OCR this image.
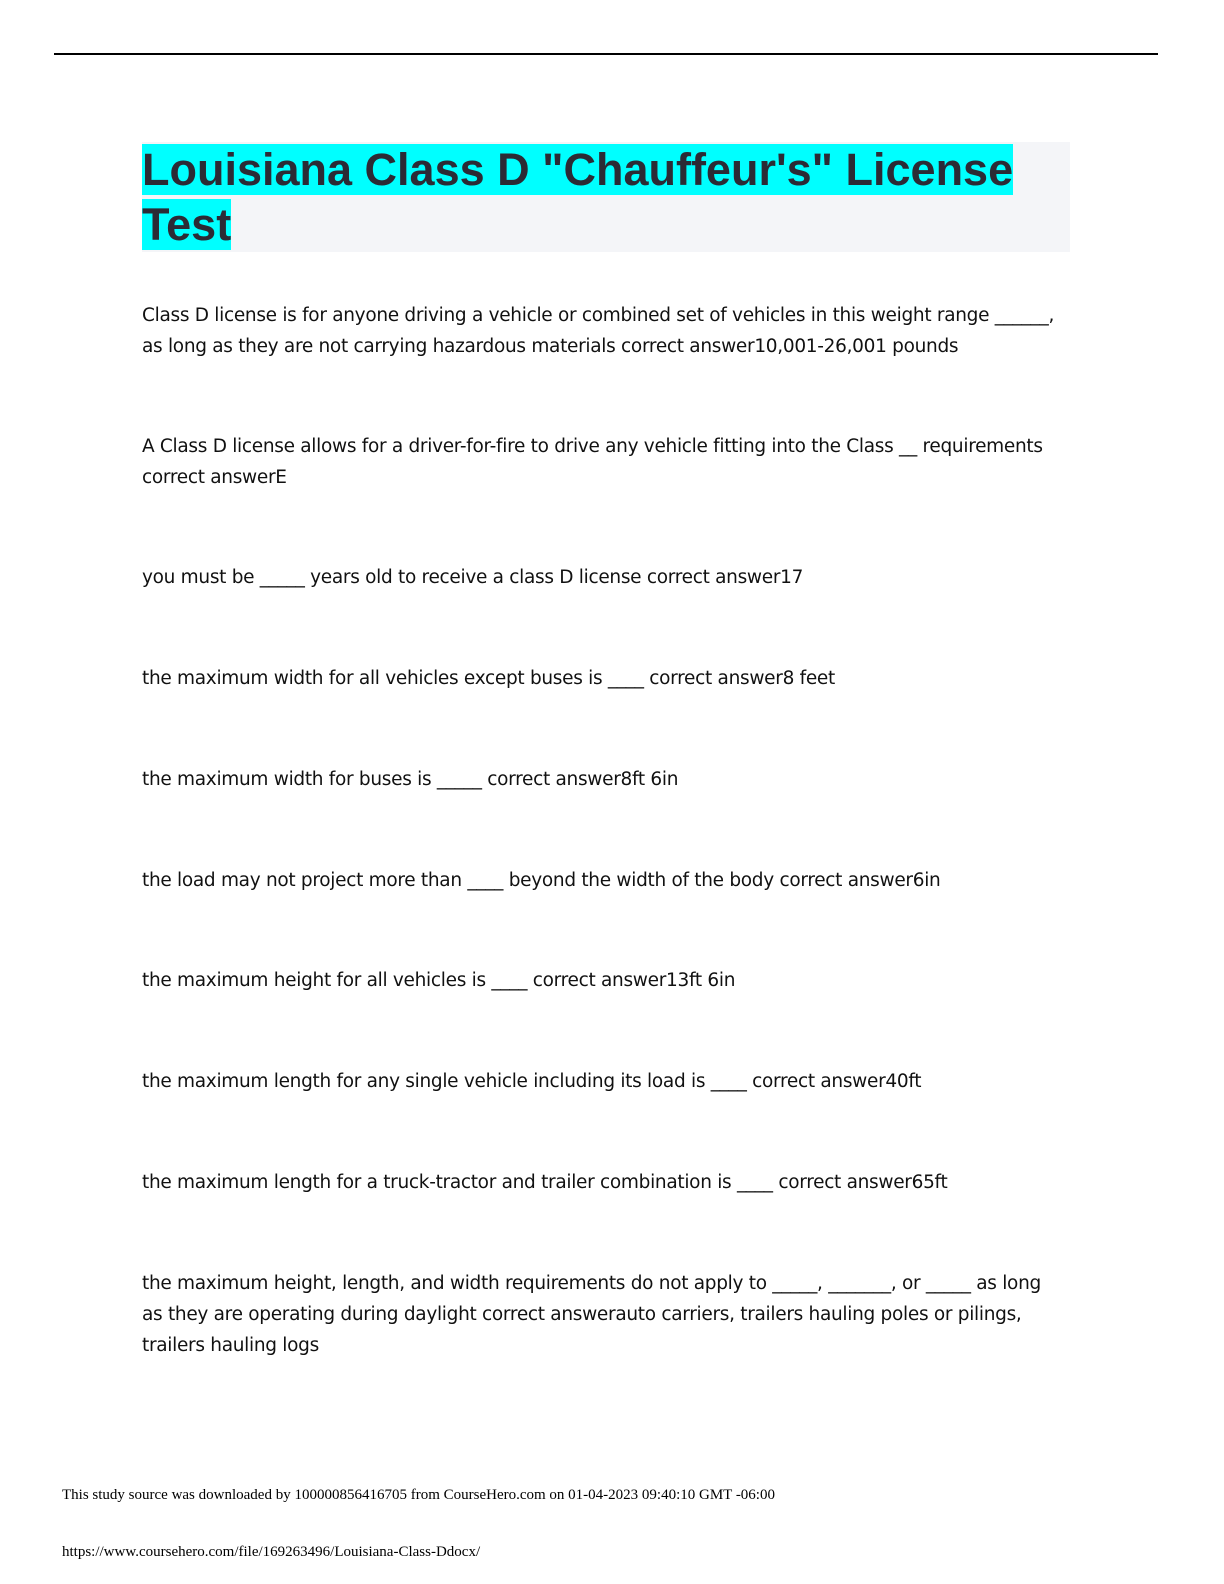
Louisiana Class D "Chauffeur's" License
Test

Class D license is for anyone driving a vehicle or combined set of vehicles in this weight range ______, as long as they are not carrying hazardous materials correct answer10,001-26,001 pounds

A Class D license allows for a driver-for-fire to drive any vehicle fitting into the Class __ requirements correct answerE

you must be _____ years old to receive a class D license correct answer17

the maximum width for all vehicles except buses is ____ correct answer8 feet

the maximum width for buses is _____ correct answer8ft 6in

the load may not project more than ____ beyond the width of the body correct answer6in

the maximum height for all vehicles is ____ correct answer13ft 6in

the maximum length for any single vehicle including its load is ____ correct answer40ft

the maximum length for a truck-tractor and trailer combination is ____ correct answer65ft

the maximum height, length, and width requirements do not apply to _____, _______, or _____ as long as they are operating during daylight correct answerauto carriers, trailers hauling poles or pilings, trailers hauling logs

This study source was downloaded by 100000856416705 from CourseHero.com on 01-04-2023 09:40:10 GMT -06:00

https://www.coursehero.com/file/169263496/Louisiana-Class-Ddocx/
